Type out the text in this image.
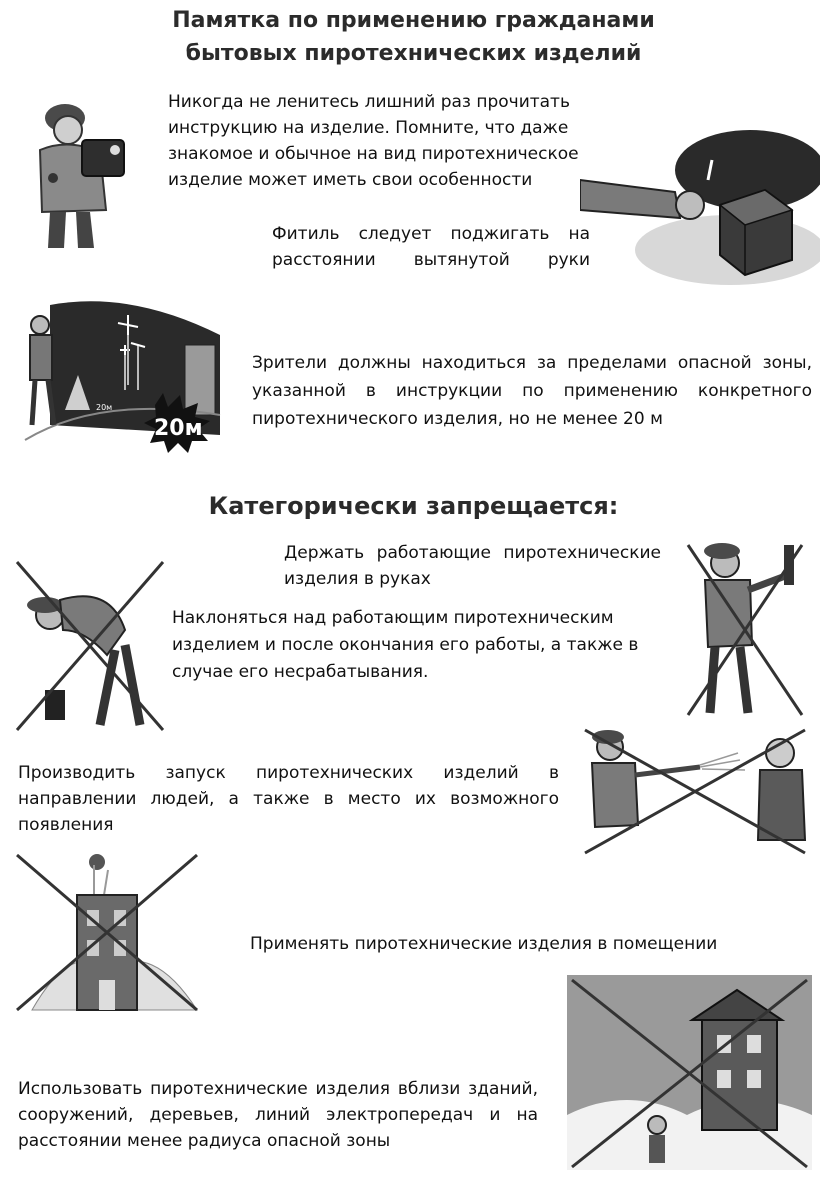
Памятка по применению гражданами
бытовых пиротехнических изделий
Никогда не ленитесь лишний раз прочитать инструкцию на изделие. Помните, что даже знакомое и обычное на вид пиротехническое изделие может иметь свои особенности
Фитиль следует поджигать на расстоянии вытянутой руки
20м
20м
Зрители должны находиться за пределами опасной зоны, указанной в инструкции по применению конкретного пиротехнического изделия, но не менее 20 м
Категорически запрещается:
Держать работающие пиротехнические изделия в руках
Наклоняться над работающим пиротехническим изделием и после окончания его работы, а также в случае его несрабатывания.
Производить запуск пиротехнических изделий в направлении людей, а также в место их возможного появления
Применять пиротехнические изделия в помещении
Использовать пиротехнические изделия вблизи зданий, сооружений, деревьев, линий электропередач и на расстоянии менее радиуса опасной зоны
